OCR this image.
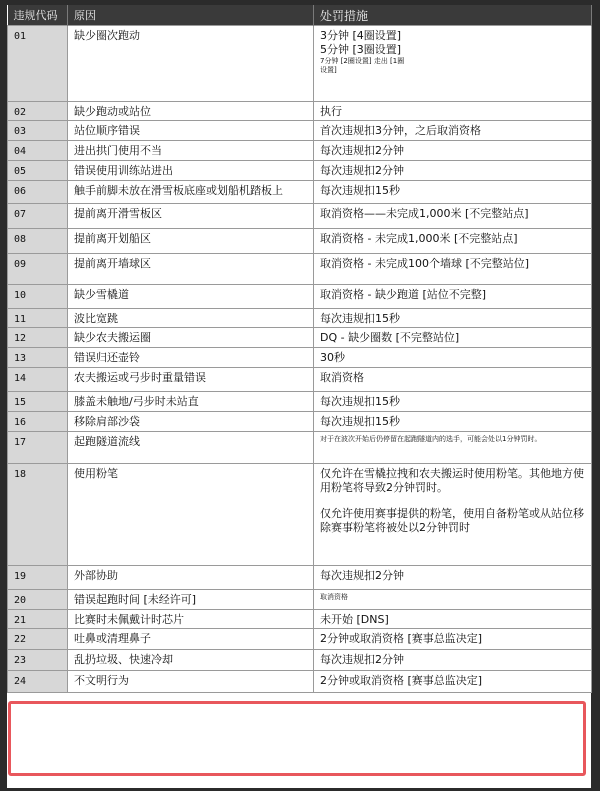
违规代码	原因	处罚措施
01	缺少圈次跑动	3分钟 [4圈设置]
5分钟 [3圈设置]
7分钟 [2圈设置] 走出 [1圈
设置]

02	缺少跑动或站位	执行

03	站位顺序错误	首次违规扣3分钟，之后取消资格

04	进出拱门使用不当	每次违规扣2分钟

05	错误使用训练站进出	每次违规扣2分钟

06	触手前脚未放在滑雪板底座或划船机踏板上	每次违规扣15秒

07	提前离开滑雪板区	取消资格——未完成1,000米 [不完整站点]

08	提前离开划船区	取消资格 - 未完成1,000米 [不完整站点]

09	提前离开墙球区	取消资格 - 未完成100个墙球 [不完整站位]

10	缺少雪橇道	取消资格 - 缺少跑道 [站位不完整]

11	波比宽跳	每次违规扣15秒

12	缺少农夫搬运圈	DQ - 缺少圈数 [不完整站位]

13	错误归还壶铃	30秒

14	农夫搬运或弓步时重量错误	取消资格

15	膝盖未触地/弓步时未站直	每次违规扣15秒

16	移除肩部沙袋	每次违规扣15秒

17	起跑隧道流线	对于在波次开始后仍停留在起跑隧道内的选手，可能会处以1分钟罚时。

18	使用粉笔	仅允许在雪橇拉拽和农夫搬运时使用粉笔。其他地方使用粉笔将导致2分钟罚时。
仅允许使用赛事提供的粉笔，使用自备粉笔或从站位移除赛事粉笔将被处以2分钟罚时

19	外部协助	每次违规扣2分钟

20	错误起跑时间 [未经许可]	取消资格

21	比赛时未佩戴计时芯片	未开始 [DNS]

22	吐鼻或清理鼻子	2分钟或取消资格 [赛事总监决定]

23	乱扔垃圾、快速冷却	每次违规扣2分钟

24	不文明行为	2分钟或取消资格 [赛事总监决定]
